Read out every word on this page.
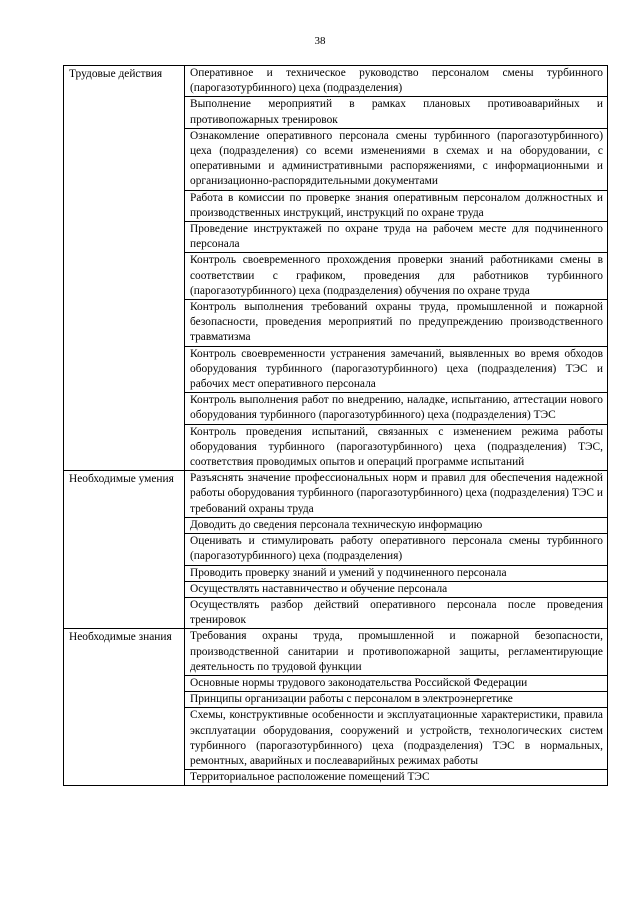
38
Трудовые действия	Оперативное и техническое руководство персоналом смены турбинного (парогазотурбинного) цеха (подразделения)
	Выполнение мероприятий в рамках плановых противоаварийных и противопожарных тренировок
	Ознакомление оперативного персонала смены турбинного (парогазотурбинного) цеха (подразделения) со всеми изменениями в схемах и на оборудовании, с оперативными и административными распоряжениями, с информационными и организационно-распорядительными документами
	Работа в комиссии по проверке знания оперативным персоналом должностных и производственных инструкций, инструкций по охране труда
	Проведение инструктажей по охране труда на рабочем месте для подчиненного персонала
	Контроль своевременного прохождения проверки знаний работниками смены в соответствии с графиком, проведения для работников турбинного (парогазотурбинного) цеха (подразделения) обучения по охране труда
	Контроль выполнения требований охраны труда, промышленной и пожарной безопасности, проведения мероприятий по предупреждению производственного травматизма
	Контроль своевременности устранения замечаний, выявленных во время обходов оборудования турбинного (парогазотурбинного) цеха (подразделения) ТЭС и рабочих мест оперативного персонала
	Контроль выполнения работ по внедрению, наладке, испытанию, аттестации нового оборудования турбинного (парогазотурбинного) цеха (подразделения) ТЭС
	Контроль проведения испытаний, связанных с изменением режима работы оборудования турбинного (парогазотурбинного) цеха (подразделения) ТЭС, соответствия проводимых опытов и операций программе испытаний
Необходимые умения	Разъяснять значение профессиональных норм и правил для обеспечения надежной работы оборудования турбинного (парогазотурбинного) цеха (подразделения) ТЭС и требований охраны труда
	Доводить до сведения персонала техническую информацию
	Оценивать и стимулировать работу оперативного персонала смены турбинного (парогазотурбинного) цеха (подразделения)
	Проводить проверку знаний и умений у подчиненного персонала
	Осуществлять наставничество и обучение персонала
	Осуществлять разбор действий оперативного персонала после проведения тренировок
Необходимые знания	Требования охраны труда, промышленной и пожарной безопасности, производственной санитарии и противопожарной защиты, регламентирующие деятельность по трудовой функции
	Основные нормы трудового законодательства Российской Федерации
	Принципы организации работы с персоналом в электроэнергетике
	Схемы, конструктивные особенности и эксплуатационные характеристики, правила эксплуатации оборудования, сооружений и устройств, технологических систем турбинного (парогазотурбинного) цеха (подразделения) ТЭС в нормальных, ремонтных, аварийных и послеаварийных режимах работы
	Территориальное расположение помещений ТЭС
